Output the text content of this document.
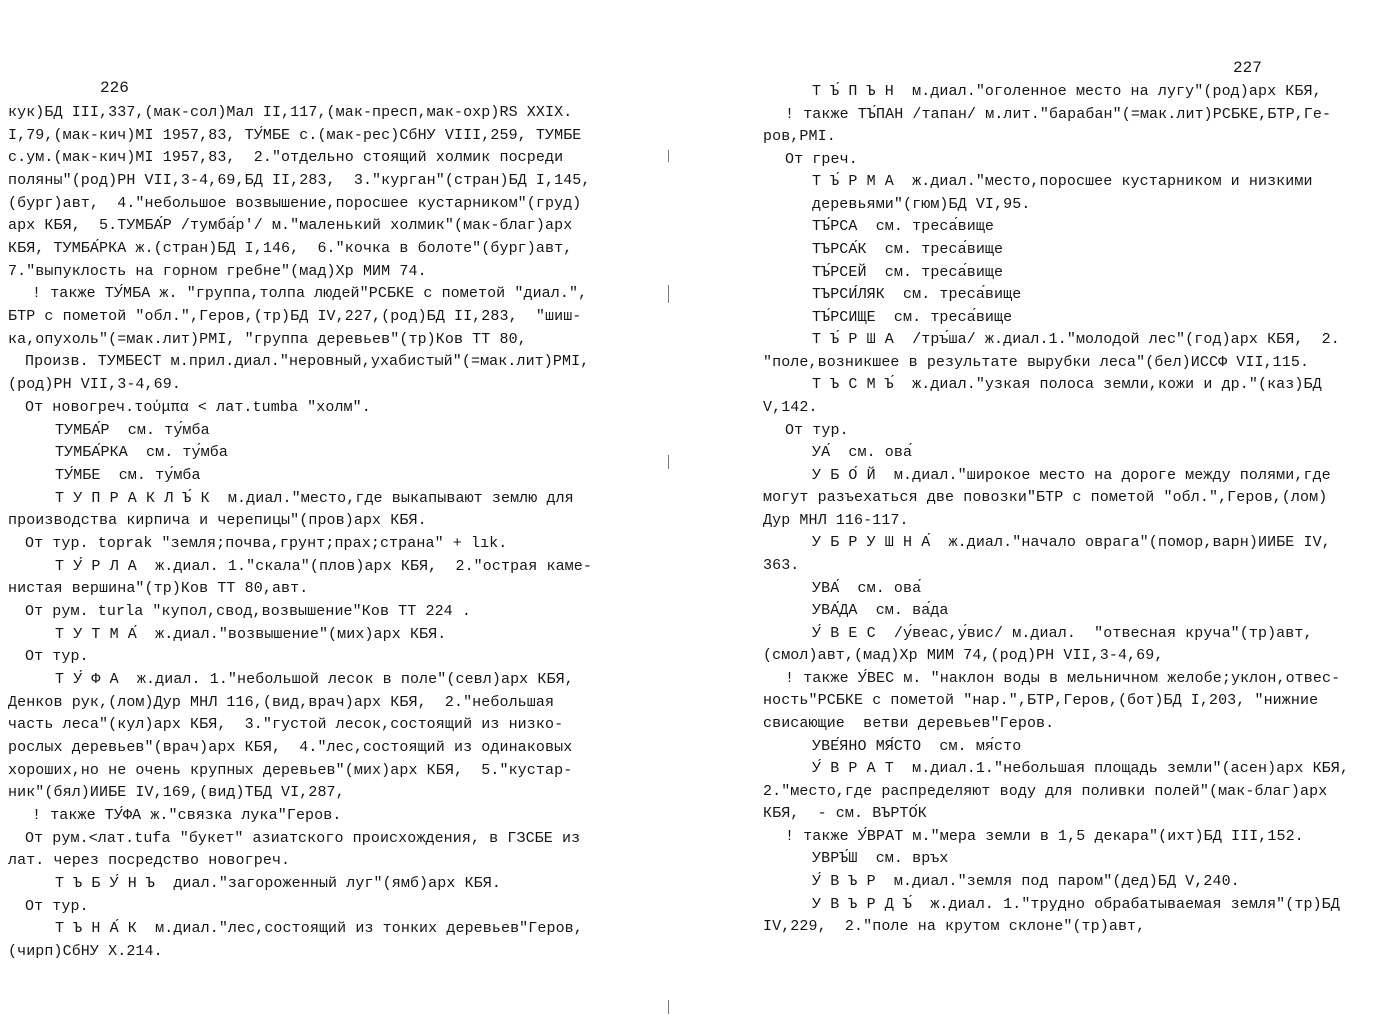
226
кук)БД III,337,(мак-сол)Мал II,117,(мак-пресп,мак-охр)RS XXIX.
I,79,(мак-кич)MI 1957,83, ТУ́МБЕ с.(мак-рес)СбНУ VIII,259, ТУМБЕ
с.ум.(мак-кич)MI 1957,83,  2."отдельно стоящий холмик посреди
поляны"(род)РН VII,3-4,69,БД II,283,  3."курган"(стран)БД I,145,
(бург)авт,  4."небольшое возвышение,поросшее кустарником"(груд)
арх КБЯ,  5.ТУМБА́Р /тумба́р'/ м."маленький холмик"(мак-благ)арх
КБЯ, ТУМБА́РКА ж.(стран)БД I,146,  6."кочка в болоте"(бург)авт,
7."выпуклость на горном гребне"(мад)Хр МИМ 74.
! также ТУ́МБА ж. "группа,толпа людей"РСБКЕ с пометой "диал.",
БТР с пометой "обл.",Геров,(тр)БД IV,227,(род)БД II,283,  "шиш-
ка,опухоль"(=мак.лит)РМI, "группа деревьев"(тр)Ков ТТ 80,
Произв. ТУМБЕСТ м.прил.диал."неровный,ухабистый"(=мак.лит)РМI,
(род)РН VII,3-4,69.
От новогреч.τούμπα < лат.tumba "холм".
ТУМБА́Р  см. ту́мба
ТУМБА́РКА  см. ту́мба
ТУ́МБЕ  см. ту́мба
Т У П Р А К Л Ъ́ К  м.диал."место,где выкапывают землю для
производства кирпича и черепицы"(пров)арх КБЯ.
От тур. toprak "земля;почва,грунт;прах;страна" + lık.
Т У́ Р Л А  ж.диал. 1."скала"(плов)арх КБЯ,  2."острая каме-
нистая вершина"(тр)Ков ТТ 80,авт.
От рум. turla "купол,свод,возвышение"Ков ТТ 224 .
Т У Т М А́  ж.диал."возвышение"(мих)арх КБЯ.
От тур.
Т У́ Ф А  ж.диал. 1."небольшой лесок в поле"(севл)арх КБЯ,
Денков рук,(лом)Дур МНЛ 116,(вид,врач)арх КБЯ,  2."небольшая
часть леса"(кул)арх КБЯ,  3."густой лесок,состоящий из низко-
рослых деревьев"(врач)арх КБЯ,  4."лес,состоящий из одинаковых
хороших,но не очень крупных деревьев"(мих)арх КБЯ,  5."кустар-
ник"(бял)ИИБЕ IV,169,(вид)ТБД VI,287,
! также ТУ́ФА ж."связка лука"Геров.
От рум.<лат.tufa "букет" азиатского происхождения, в ГЗСБЕ из
лат. через посредство новогреч.
Т Ъ Б У́ Н Ъ  диал."загороженный луг"(ямб)арх КБЯ.
От тур.
Т Ъ Н А́ К  м.диал."лес,состоящий из тонких деревьев"Геров,
(чирп)СбНУ X.214.
227
Т Ъ́ П Ъ Н  м.диал."оголенное место на лугу"(род)арх КБЯ,
! также ТЪ́ПАН /тапан/ м.лит."барабан"(=мак.лит)РСБКЕ,БТР,Ге-
ров,РМI.
От греч.
Т Ъ́ Р М А  ж.диал."место,поросшее кустарником и низкими
деревьями"(гюм)БД VI,95.
ТЪ́РСА  см. треса́вище
ТЪРСА́К  см. треса́вище
ТЪ́РСЕЙ  см. треса́вище
ТЪРСИ́ЛЯК  см. треса́вище
ТЪ́РСИЩЕ  см. треса́вище
Т Ъ́ Р Ш А  /тръ́ша/ ж.диал.1."молодой лес"(год)арх КБЯ,  2.
"поле,возникшее в результате вырубки леса"(бел)ИССФ VII,115.
Т Ъ С М Ъ́  ж.диал."узкая полоса земли,кожи и др."(каз)БД
V,142.
От тур.
УА́  см. ова́
У Б О́ Й  м.диал."широкое место на дороге между полями,где
могут разъехаться две повозки"БТР с пометой "обл.",Геров,(лом)
Дур МНЛ 116-117.
У Б Р У Ш Н А́  ж.диал."начало оврага"(помор,варн)ИИБЕ IV,
363.
УВА́  см. ова́
УВА́ДА  см. ва́да
У́ В Е С  /у́веас,у́вис/ м.диал.  "отвесная круча"(тр)авт,
(смол)авт,(мад)Хр МИМ 74,(род)РН VII,3-4,69,
! также У́ВЕС м. "наклон воды в мельничном желобе;уклон,отвес-
ность"РСБКЕ с пометой "нар.",БТР,Геров,(бот)БД I,203, "нижние
свисающие  ветви деревьев"Геров.
УВЕ́ЯНО МЯ́СТО  см. мя́сто
У́ В Р А Т  м.диал.1."небольшая площадь земли"(асен)арх КБЯ,
2."место,где распределяют воду для поливки полей"(мак-благ)арх
КБЯ,  - см. ВЪРТО́К
! также У́ВРАТ м."мера земли в 1,5 декара"(ихт)БД III,152.
УВРЪ́Ш  см. връх
У́ В Ъ Р  м.диал."земля под паром"(дед)БД V,240.
У В Ъ Р Д Ъ́  ж.диал. 1."трудно обрабатываемая земля"(тр)БД
IV,229,  2."поле на крутом склоне"(тр)авт,
